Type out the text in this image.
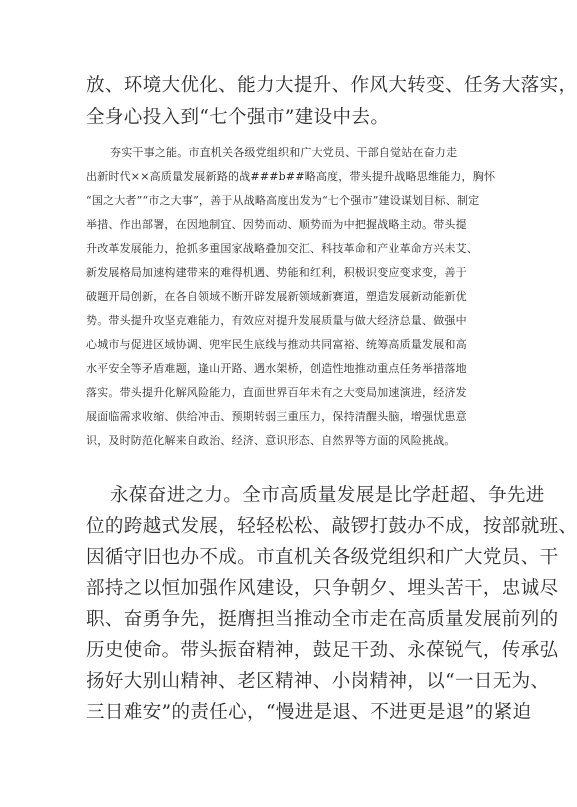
放、环境大优化、能力大提升、作风大转变、任务大落实，
全身心投入到“七个强市”建设中去。
夯实干事之能。市直机关各级党组织和广大党员、干部自觉站在奋力走
出新时代××高质量发展新路的战###b##略高度，带头提升战略思维能力，胸怀
“国之大者”“市之大事”，善于从战略高度出发为“七个强市”建设谋划目标、制定
举措、作出部署，在因地制宜、因势而动、顺势而为中把握战略主动。带头提
升改革发展能力，抢抓多重国家战略叠加交汇、科技革命和产业革命方兴未艾、
新发展格局加速构建带来的难得机遇、势能和红利，积极识变应变求变，善于
破题开局创新，在各自领域不断开辟发展新领域新赛道，塑造发展新动能新优
势。带头提升攻坚克难能力，有效应对提升发展质量与做大经济总量、做强中
心城市与促进区域协调、兜牢民生底线与推动共同富裕、统筹高质量发展和高
水平安全等矛盾难题，逢山开路、遇水架桥，创造性地推动重点任务举措落地
落实。带头提升化解风险能力，直面世界百年未有之大变局加速演进，经济发
展面临需求收缩、供给冲击、预期转弱三重压力，保持清醒头脑，增强忧患意
识，及时防范化解来自政治、经济、意识形态、自然界等方面的风险挑战。
永葆奋进之力。全市高质量发展是比学赶超、争先进
位的跨越式发展，轻轻松松、敲锣打鼓办不成，按部就班、
因循守旧也办不成。市直机关各级党组织和广大党员、干
部持之以恒加强作风建设，只争朝夕、埋头苦干，忠诚尽
职、奋勇争先，挺膺担当推动全市走在高质量发展前列的
历史使命。带头振奋精神，鼓足干劲、永葆锐气，传承弘
扬好大别山精神、老区精神、小岗精神，以“一日无为、
三日难安”的责任心，“慢进是退、不进更是退”的紧迫
